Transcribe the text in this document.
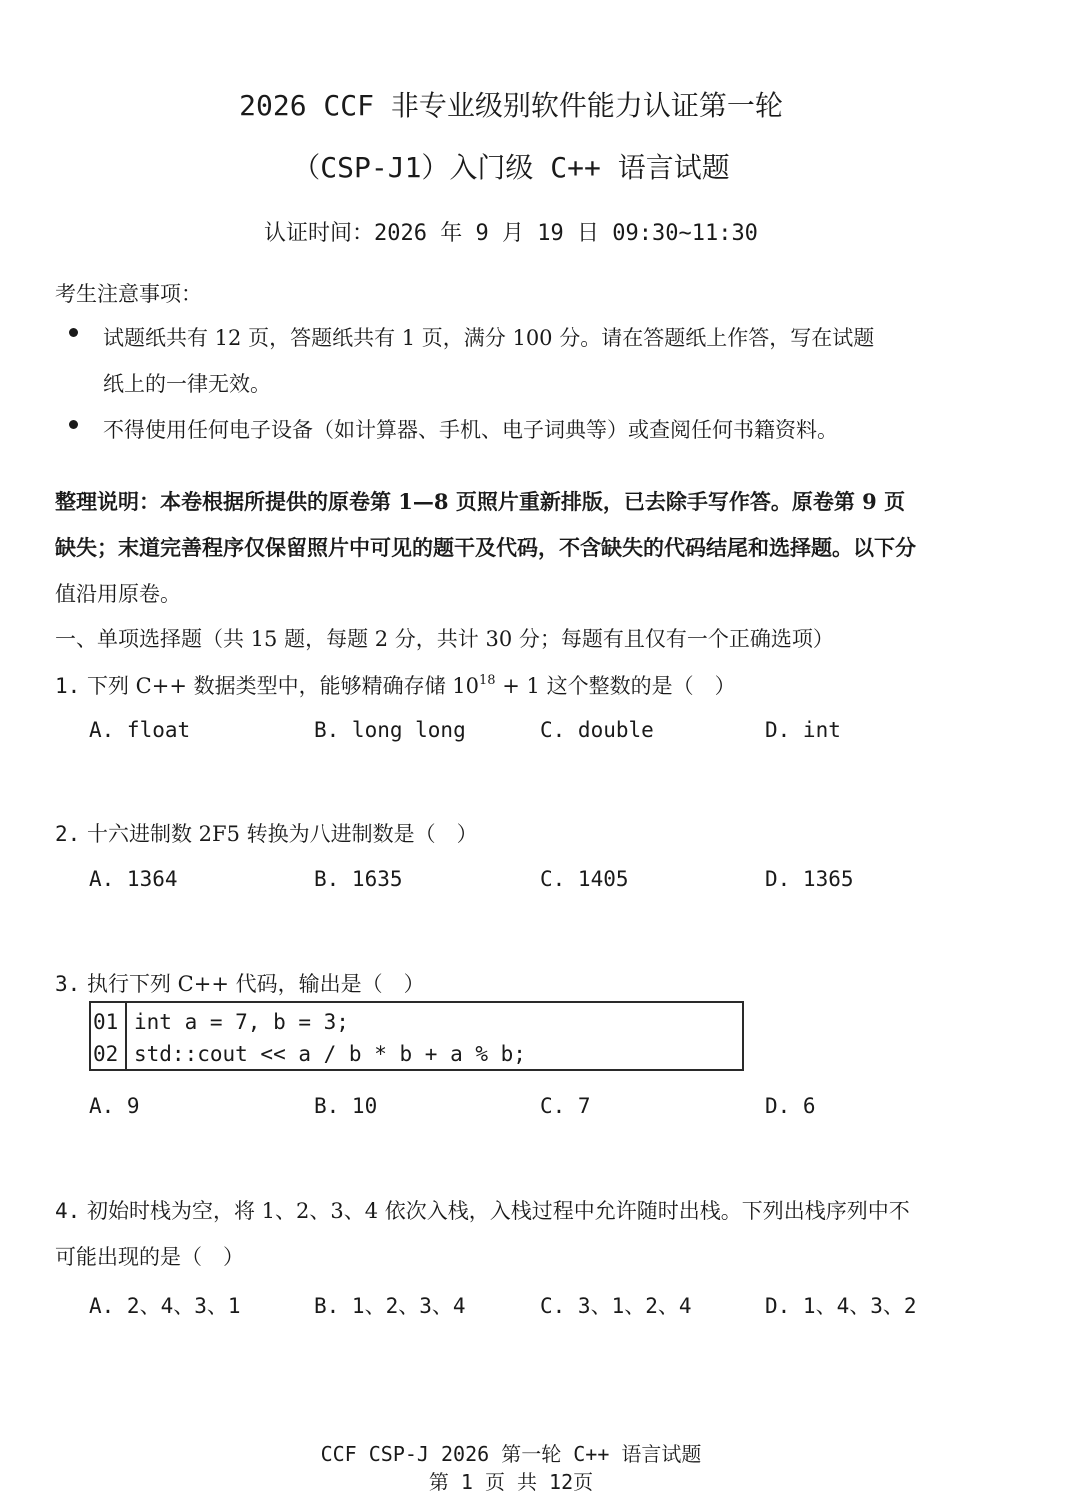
2026 CCF 非专业级别软件能力认证第一轮
（CSP-J1）入门级 C++ 语言试题
认证时间：2026 年 9 月 19 日 09:30~11:30
考生注意事项：
试题纸共有 12 页，答题纸共有 1 页，满分 100 分。请在答题纸上作答，写在试题
纸上的一律无效。
不得使用任何电子设备（如计算器、手机、电子词典等）或查阅任何书籍资料。
整理说明：本卷根据所提供的原卷第 1—8 页照片重新排版，已去除手写作答。原卷第 9 页
缺失；末道完善程序仅保留照片中可见的题干及代码，不含缺失的代码结尾和选择题。以下分
值沿用原卷。
一、单项选择题（共 15 题，每题 2 分，共计 30 分；每题有且仅有一个正确选项）
1. 下列 C++ 数据类型中，能够精确存储 $10^{18} + 1$ 这个整数的是（　）
A. float	B. long long	C. double	D. int
2. 十六进制数 2F5 转换为八进制数是（　）
A. 1364	B. 1635	C. 1405	D. 1365
3. 执行下列 C++ 代码，输出是（　）
01 int a = 7, b = 3;
02 std::cout << a / b * b + a % b;
A. 9	B. 10	C. 7	D. 6
4. 初始时栈为空，将 1、2、3、4 依次入栈，入栈过程中允许随时出栈。下列出栈序列中不
可能出现的是（　）
A. 2、4、3、1	B. 1、2、3、4	C. 3、1、2、4	D. 1、4、3、2
CCF CSP-J 2026 第一轮 C++ 语言试题
第 1 页 共 12页
